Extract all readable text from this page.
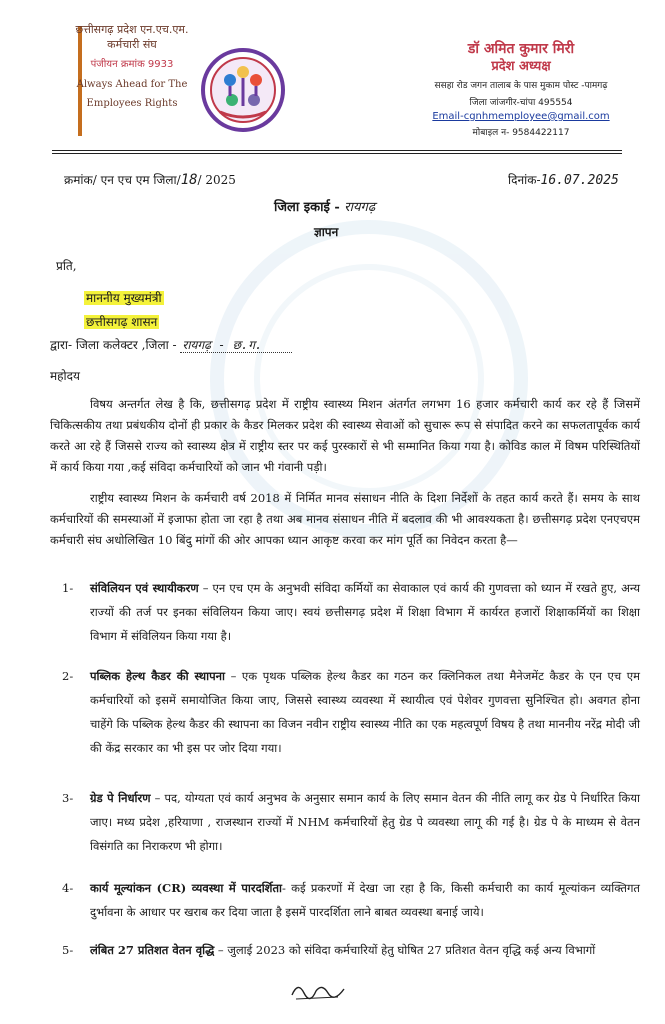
छत्तीसगढ़ प्रदेश एन.एच.एम.
कर्मचारी संघ
पंजीयन क्रमांक 9933
Always Ahead for The
Employees Rights
डॉ अमित कुमार मिरी
प्रदेश अध्यक्ष
ससहा रोड जगन तालाब के पास मुकाम पोस्ट -पामगढ़
जिला जांजगीर-चांपा 495554
Email-cgnhmemployee@gmail.com
मोबाइल न- 9584422117
क्रमांक/ एन एच एम जिला/18/ 2025	दिनांक-16.07.2025
जिला इकाई - रायगढ़
ज्ञापन
प्रति,
माननीय मुख्यमंत्री
छत्तीसगढ़ शासन
द्वारा- जिला कलेक्टर ,जिला - रायगढ़ - छ.ग.
महोदय

विषय अन्तर्गत लेख है कि, छत्तीसगढ़ प्रदेश में राष्ट्रीय स्वास्थ्य मिशन अंतर्गत लगभग 16 हजार कर्मचारी कार्य कर रहे हैं जिसमें चिकित्सकीय तथा प्रबंधकीय दोनों ही प्रकार के कैडर मिलकर प्रदेश की स्वास्थ्य सेवाओं को सुचारू रूप से संपादित करने का सफलतापूर्वक कार्य करते आ रहे हैं जिससे राज्य को स्वास्थ्य क्षेत्र में राष्ट्रीय स्तर पर कई पुरस्कारों से भी सम्मानित किया गया है। कोविड काल में विषम परिस्थितियों में कार्य किया गया ,कई संविदा कर्मचारियों को जान भी गंवानी पड़ी।

राष्ट्रीय स्वास्थ्य मिशन के कर्मचारी वर्ष 2018 में निर्मित मानव संसाधन नीति के दिशा निर्देशों के तहत कार्य करते हैं। समय के साथ कर्मचारियों की समस्याओं में इजाफा होता जा रहा है तथा अब मानव संसाधन नीति में बदलाव की भी आवश्यकता है। छत्तीसगढ़ प्रदेश एनएचएम कर्मचारी संघ अधोलिखित 10 बिंदु मांगों की ओर आपका ध्यान आकृष्ट करवा कर मांग पूर्ति का निवेदन करता है—

1-	संविलियन एवं स्थायीकरण – एन एच एम के अनुभवी संविदा कर्मियों का सेवाकाल एवं कार्य की गुणवत्ता को ध्यान में रखते हुए, अन्य राज्यों की तर्ज पर इनका संविलियन किया जाए। स्वयं छत्तीसगढ़ प्रदेश में शिक्षा विभाग में कार्यरत हजारों शिक्षाकर्मियों का शिक्षा विभाग में संविलियन किया गया है।
2-	पब्लिक हेल्थ कैडर की स्थापना – एक पृथक पब्लिक हेल्थ कैडर का गठन कर क्लिनिकल तथा मैनेजमेंट कैडर के एन एच एम कर्मचारियों को इसमें समायोजित किया जाए, जिससे स्वास्थ्य व्यवस्था में स्थायीत्व एवं पेशेवर गुणवत्ता सुनिश्चित हो। अवगत होना चाहेंगे कि पब्लिक हेल्थ कैडर की स्थापना का विजन नवीन राष्ट्रीय स्वास्थ्य नीति का एक महत्वपूर्ण विषय है तथा माननीय नरेंद्र मोदी जी की केंद्र सरकार का भी इस पर जोर दिया गया।
3-	ग्रेड पे निर्धारण – पद, योग्यता एवं कार्य अनुभव के अनुसार समान कार्य के लिए समान वेतन की नीति लागू कर ग्रेड पे निर्धारित किया जाए। मध्य प्रदेश ,हरियाणा , राजस्थान राज्यों में NHM कर्मचारियों हेतु ग्रेड पे व्यवस्था लागू की गई है। ग्रेड पे के माध्यम से वेतन विसंगति का निराकरण भी होगा।
4-	कार्य मूल्यांकन (CR) व्यवस्था में पारदर्शिता- कई प्रकरणों में देखा जा रहा है कि, किसी कर्मचारी का कार्य मूल्यांकन व्यक्तिगत दुर्भावना के आधार पर खराब कर दिया जाता है इसमें पारदर्शिता लाने बाबत व्यवस्था बनाई जाये।
5-	लंबित 27 प्रतिशत वेतन वृद्धि – जुलाई 2023 को संविदा कर्मचारियों हेतु घोषित 27 प्रतिशत वेतन वृद्धि कई अन्य विभागों
